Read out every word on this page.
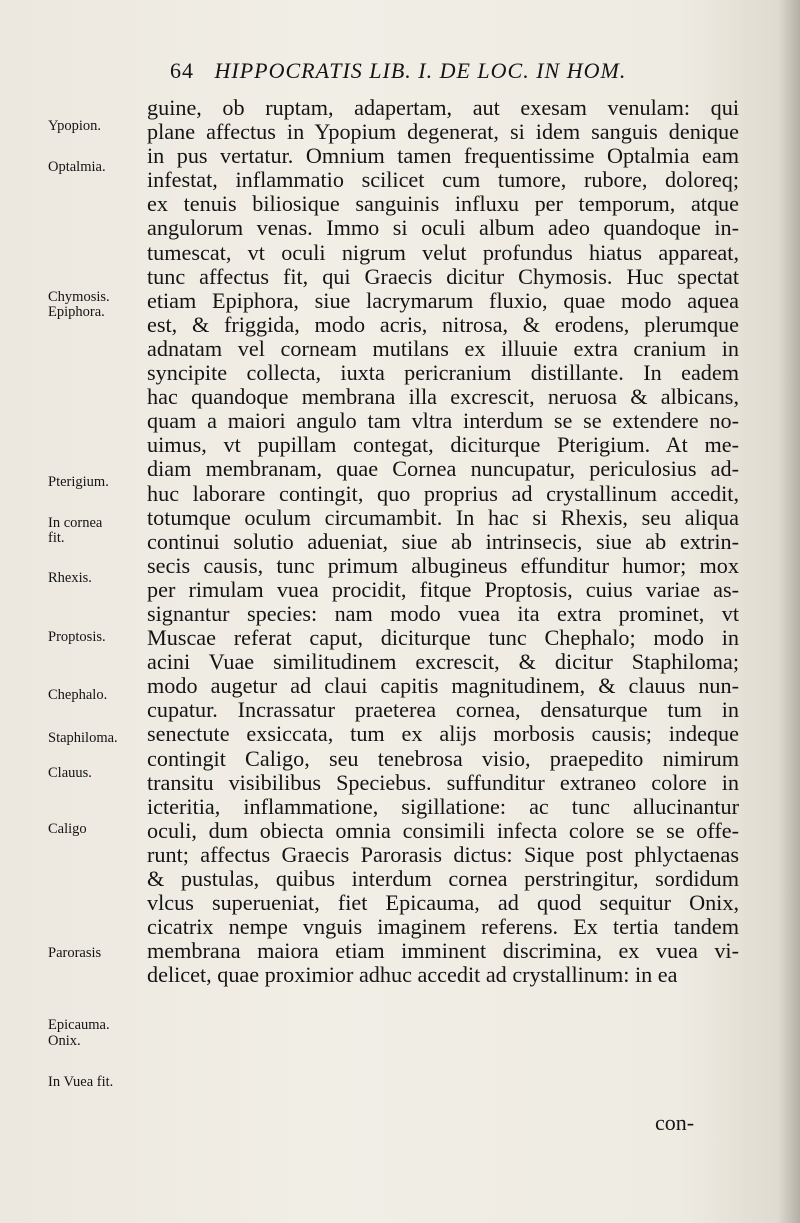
64 HIPPOCRATIS LIB. I. DE LOC. IN HOM.
guine, ob ruptam, adapertam, aut exesam venulam: qui
plane affectus in Ypopium degenerat, si idem sanguis denique
in pus vertatur. Omnium tamen frequentissime Optalmia eam
infestat, inflammatio scilicet cum tumore, rubore, doloreq;
ex tenuis biliosique sanguinis influxu per temporum, atque
angulorum venas. Immo si oculi album adeo quandoque in-
tumescat, vt oculi nigrum velut profundus hiatus appareat,
tunc affectus fit, qui Graecis dicitur Chymosis. Huc spectat
etiam Epiphora, siue lacrymarum fluxio, quae modo aquea
est, & friggida, modo acris, nitrosa, & erodens, plerumque
adnatam vel corneam mutilans ex illuuie extra cranium in
syncipite collecta, iuxta pericranium distillante. In eadem
hac quandoque membrana illa excrescit, neruosa & albicans,
quam a maiori angulo tam vltra interdum se se extendere no-
uimus, vt pupillam contegat, diciturque Pterigium. At me-
diam membranam, quae Cornea nuncupatur, periculosius ad-
huc laborare contingit, quo proprius ad crystallinum accedit,
totumque oculum circumambit. In hac si Rhexis, seu aliqua
continui solutio adueniat, siue ab intrinsecis, siue ab extrin-
secis causis, tunc primum albugineus effunditur humor; mox
per rimulam vuea procidit, fitque Proptosis, cuius variae as-
signantur species: nam modo vuea ita extra prominet, vt
Muscae referat caput, diciturque tunc Chephalo; modo in
acini Vuae similitudinem excrescit, & dicitur Staphiloma;
modo augetur ad claui capitis magnitudinem, & clauus nun-
cupatur. Incrassatur praeterea cornea, densaturque tum in
senectute exsiccata, tum ex alijs morbosis causis; indeque
contingit Caligo, seu tenebrosa visio, praepedito nimirum
transitu visibilibus Speciebus. suffunditur extraneo colore in
icteritia, inflammatione, sigillatione: ac tunc allucinantur
oculi, dum obiecta omnia consimili infecta colore se se offe-
runt; affectus Graecis Parorasis dictus: Sique post phlyctaenas
& pustulas, quibus interdum cornea perstringitur, sordidum
vlcus superueniat, fiet Epicauma, ad quod sequitur Onix,
cicatrix nempe vnguis imaginem referens. Ex tertia tandem
membrana maiora etiam imminent discrimina, ex vuea vi-
delicet, quae proximior adhuc accedit ad crystallinum: in ea
con-
Ypopion.
Optalmia.
Chymosis.
Epiphora.
Pterigium.
In cornea
fit.
Rhexis.
Proptosis.
Chephalo.
Staphiloma.
Clauus.
Caligo
Parorasis
Epicauma.
Onix.
In Vuea fit.
